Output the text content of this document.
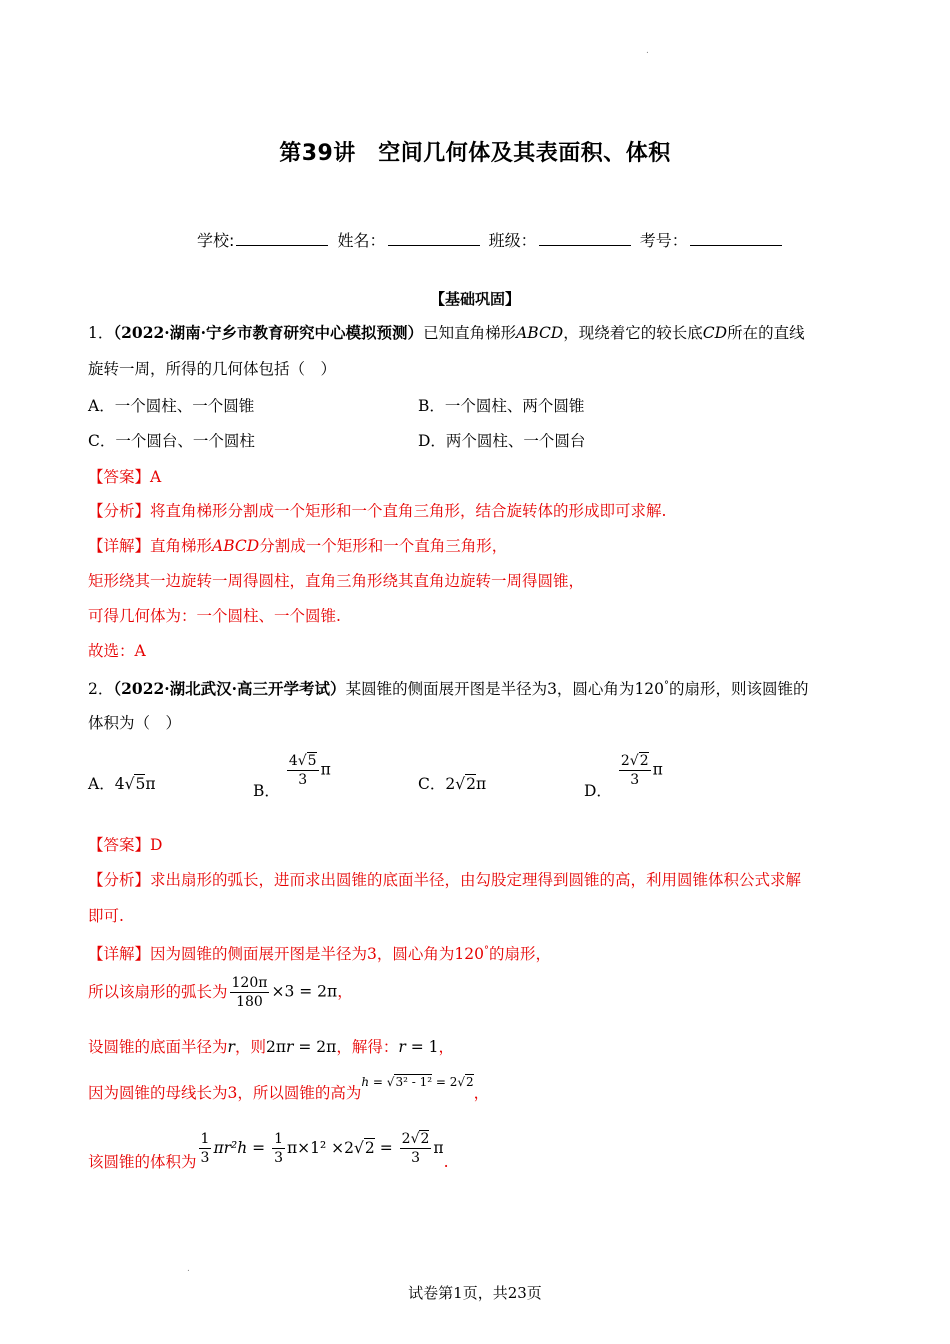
.
第39讲　空间几何体及其表面积、体积
学校:	姓名：	班级：	考号：
【基础巩固】
1．（2022·湖南·宁乡市教育研究中心模拟预测）已知直角梯形ABCD，现绕着它的较长底CD所在的直线
旋转一周，所得的几何体包括（　）
A．一个圆柱、一个圆锥	B．一个圆柱、两个圆锥
C．一个圆台、一个圆柱	D．两个圆柱、一个圆台
【答案】A
【分析】将直角梯形分割成一个矩形和一个直角三角形，结合旋转体的形成即可求解.
【详解】直角梯形ABCD分割成一个矩形和一个直角三角形，
矩形绕其一边旋转一周得圆柱，直角三角形绕其直角边旋转一周得圆锥，
可得几何体为：一个圆柱、一个圆锥.
故选：A
2．（2022·湖北武汉·高三开学考试）某圆锥的侧面展开图是半径为3，圆心角为120°的扇形，则该圆锥的
体积为（　）
A．4√5π	B．
$\frac{4√5}{3}$ π
C．2√2π	D．
$\frac{2√2}{3}$ π
【答案】D
【分析】求出扇形的弧长，进而求出圆锥的底面半径，由勾股定理得到圆锥的高，利用圆锥体积公式求解
即可.
【详解】因为圆锥的侧面展开图是半径为3，圆心角为120°的扇形，
所以该扇形的弧长为 $\frac{120\pi}{180} \times 3 = 2\pi$，
设圆锥的底面半径为r，则2πr = 2π，解得：r = 1，
因为圆锥的母线长为3，所以圆锥的高为$^{h = √3^2 - 1^2 = 2√2}$，
该圆锥的体积为 $\frac{1}{3} \pi r^2h = \frac{1}{3} \pi\times 1^2 \times 2√2 = \frac{2√2}{3} \pi$.
.
试卷第1页，共23页
